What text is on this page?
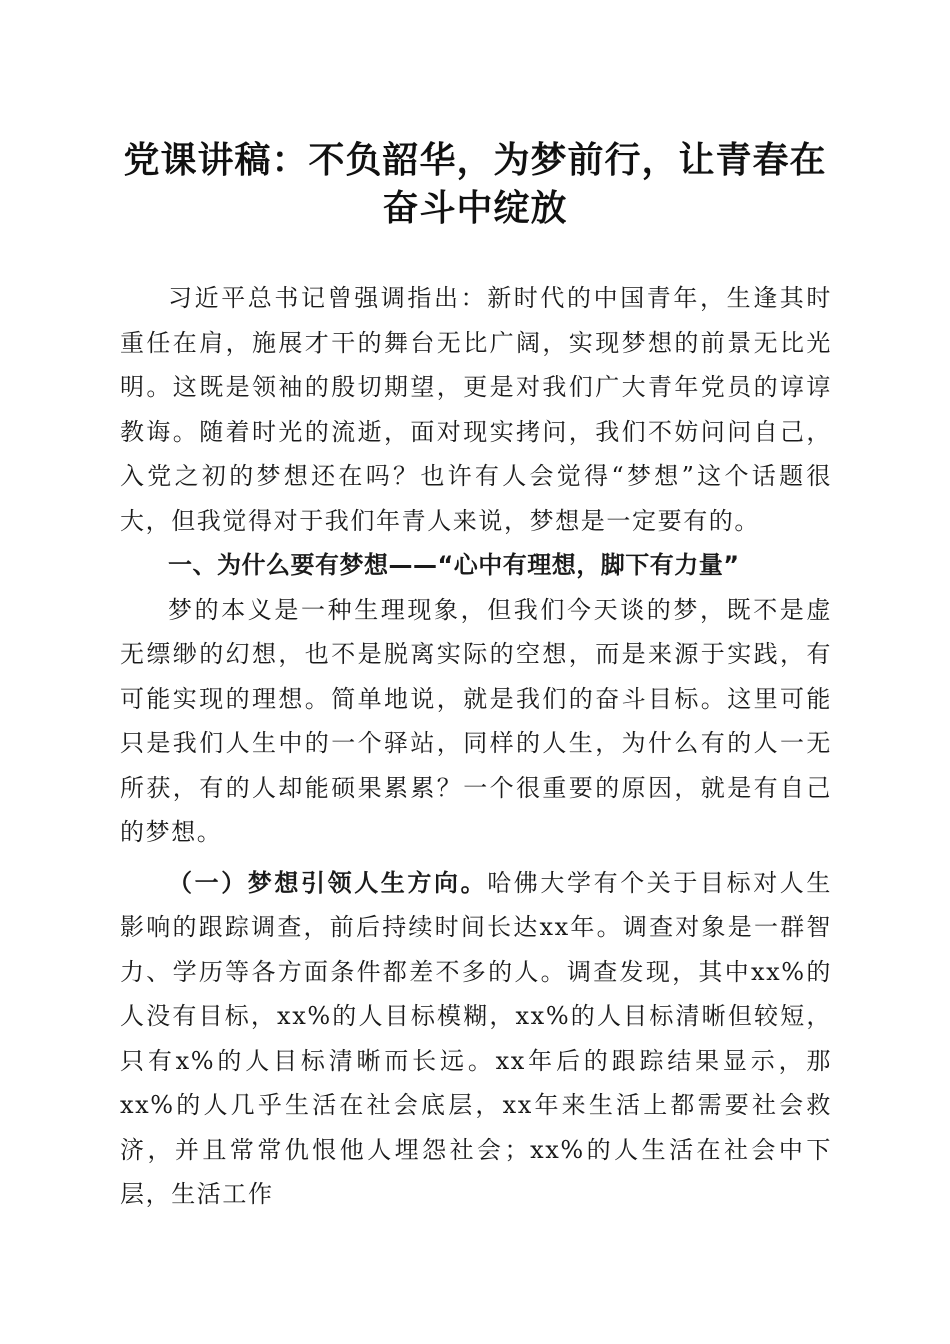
党课讲稿：不负韶华，为梦前行，让青春在奋斗中绽放

习近平总书记曾强调指出：新时代的中国青年，生逢其时重任在肩，施展才干的舞台无比广阔，实现梦想的前景无比光明。这既是领袖的殷切期望，更是对我们广大青年党员的谆谆教诲。随着时光的流逝，面对现实拷问，我们不妨问问自己，入党之初的梦想还在吗？也许有人会觉得“梦想”这个话题很大，但我觉得对于我们年青人来说，梦想是一定要有的。

一、为什么要有梦想——“心中有理想，脚下有力量”

梦的本义是一种生理现象，但我们今天谈的梦，既不是虚无缥缈的幻想，也不是脱离实际的空想，而是来源于实践，有可能实现的理想。简单地说，就是我们的奋斗目标。这里可能只是我们人生中的一个驿站，同样的人生，为什么有的人一无所获，有的人却能硕果累累？一个很重要的原因，就是有自己的梦想。

（一）梦想引领人生方向。哈佛大学有个关于目标对人生影响的跟踪调查，前后持续时间长达xx年。调查对象是一群智力、学历等各方面条件都差不多的人。调查发现，其中xx%的人没有目标，xx%的人目标模糊，xx%的人目标清晰但较短，只有x%的人目标清晰而长远。xx年后的跟踪结果显示，那xx%的人几乎生活在社会底层，xx年来生活上都需要社会救济，并且常常仇恨他人埋怨社会；xx%的人生活在社会中下层，生活工作
